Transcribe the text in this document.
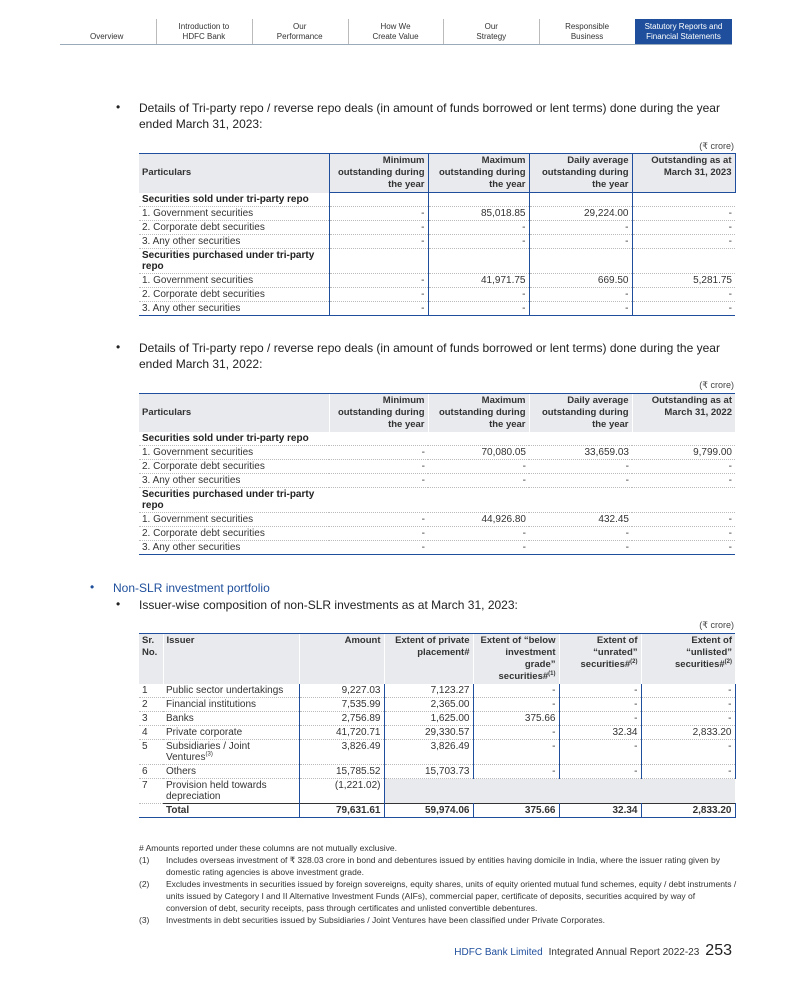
Overview
Introduction to
HDFC Bank
Our
Performance
How We
Create Value
Our
Strategy
Responsible
Business
Statutory Reports and
Financial Statements
• Details of Tri-party repo / reverse repo deals (in amount of funds borrowed or lent terms) done during the year ended March 31, 2023:
(₹ crore)
Particulars	Minimum outstanding during the year	Maximum outstanding during the year	Daily average outstanding during the year	Outstanding as at March 31, 2023
Securities sold under tri-party repo				
1. Government securities	-	85,018.85	29,224.00	-
2. Corporate debt securities	-	-	-	-
3. Any other securities	-	-	-	-
Securities purchased under tri-party repo				
1. Government securities	-	41,971.75	669.50	5,281.75
2. Corporate debt securities	-	-	-	-
3. Any other securities	-	-	-	-
• Details of Tri-party repo / reverse repo deals (in amount of funds borrowed or lent terms) done during the year ended March 31, 2022:
(₹ crore)
Particulars	Minimum outstanding during the year	Maximum outstanding during the year	Daily average outstanding during the year	Outstanding as at March 31, 2022
Securities sold under tri-party repo				
1. Government securities	-	70,080.05	33,659.03	9,799.00
2. Corporate debt securities	-	-	-	-
3. Any other securities	-	-	-	-
Securities purchased under tri-party repo				
1. Government securities	-	44,926.80	432.45	-
2. Corporate debt securities	-	-	-	-
3. Any other securities	-	-	-	-
• Non-SLR investment portfolio
• Issuer-wise composition of non-SLR investments as at March 31, 2023:
(₹ crore)
Sr. No.	Issuer	Amount	Extent of private placement#	Extent of “below investment grade” securities#$^{(1)}$	Extent of “unrated” securities#$^{(2)}$	Extent of “unlisted” securities#$^{(2)}$
1	Public sector undertakings	9,227.03	7,123.27	-	-	-
2	Financial institutions	7,535.99	2,365.00	-	-	-
3	Banks	2,756.89	1,625.00	375.66	-	-
4	Private corporate	41,720.71	29,330.57	-	32.34	2,833.20
5	Subsidiaries / Joint Ventures$^{(3)}$	3,826.49	3,826.49	-	-	-
6	Others	15,785.52	15,703.73	-	-	-
7	Provision held towards depreciation	(1,221.02)				
	Total	79,631.61	59,974.06	375.66	32.34	2,833.20
# Amounts reported under these columns are not mutually exclusive.
(1)	Includes overseas investment of ₹ 328.03 crore in bond and debentures issued by entities having domicile in India, where the issuer rating given by domestic rating agencies is above investment grade.
(2)	Excludes investments in securities issued by foreign sovereigns, equity shares, units of equity oriented mutual fund schemes, equity / debt instruments / units issued by Category I and II Alternative Investment Funds (AIFs), commercial paper, certificate of deposits, securities acquired by way of conversion of debt, security receipts, pass through certificates and unlisted convertible debentures.
(3)	Investments in debt securities issued by Subsidiaries / Joint Ventures have been classified under Private Corporates.
HDFC Bank Limited Integrated Annual Report 2022-23 253
